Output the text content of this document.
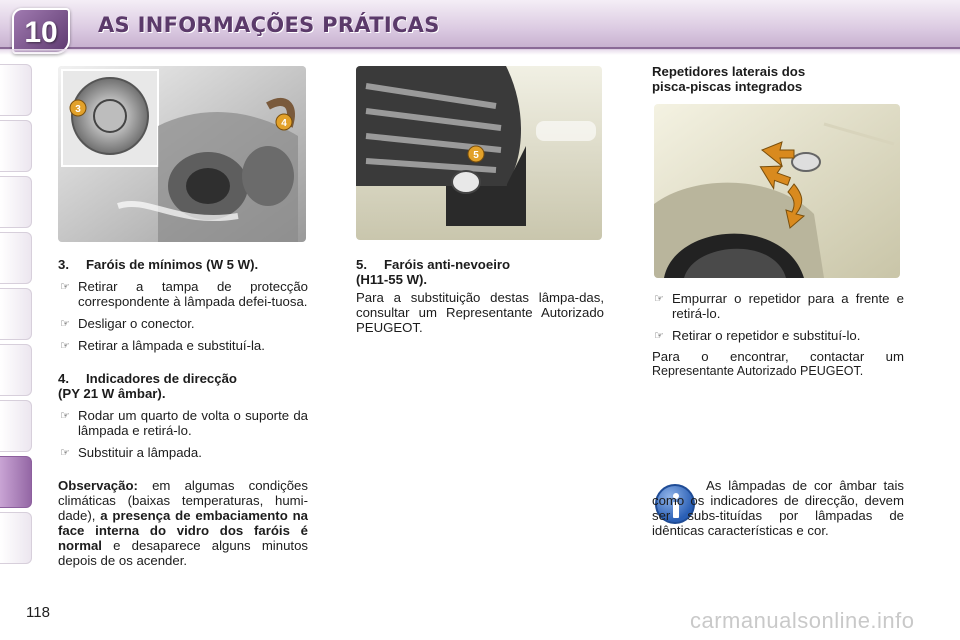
10	AS INFORMAÇÕES PRÁTICAS
3
4
5
3. Faróis de mínimos (W 5 W).
☞ Retirar a tampa de protecção correspondente à lâmpada defei-tuosa.
☞ Desligar o conector.
☞ Retirar a lâmpada e substituí-la.
4. Indicadores de direcção
(PY 21 W âmbar).
☞ Rodar um quarto de volta o suporte da lâmpada e retirá-lo.
☞ Substituir a lâmpada.

Observação: em algumas condições climáticas (baixas temperaturas, humi-dade), a presença de embaciamento na face interna do vidro dos faróis é normal e desaparece alguns minutos depois de os acender.

5. Faróis anti-nevoeiro
(H11-55 W).

Para a substituição destas lâmpa-das, consultar um Representante Autorizado PEUGEOT.

Repetidores laterais dos
pisca-piscas integrados
☞ Empurrar o repetidor para a frente e retirá-lo.
☞ Retirar o repetidor e substituí-lo.

Para o encontrar, contactar um

Representante Autorizado PEUGEOT.

As lâmpadas de cor âmbar tais como os indicadores de direcção, devem ser subs-tituídas por lâmpadas de idênticas características e cor.

118	carmanualsonline.info
